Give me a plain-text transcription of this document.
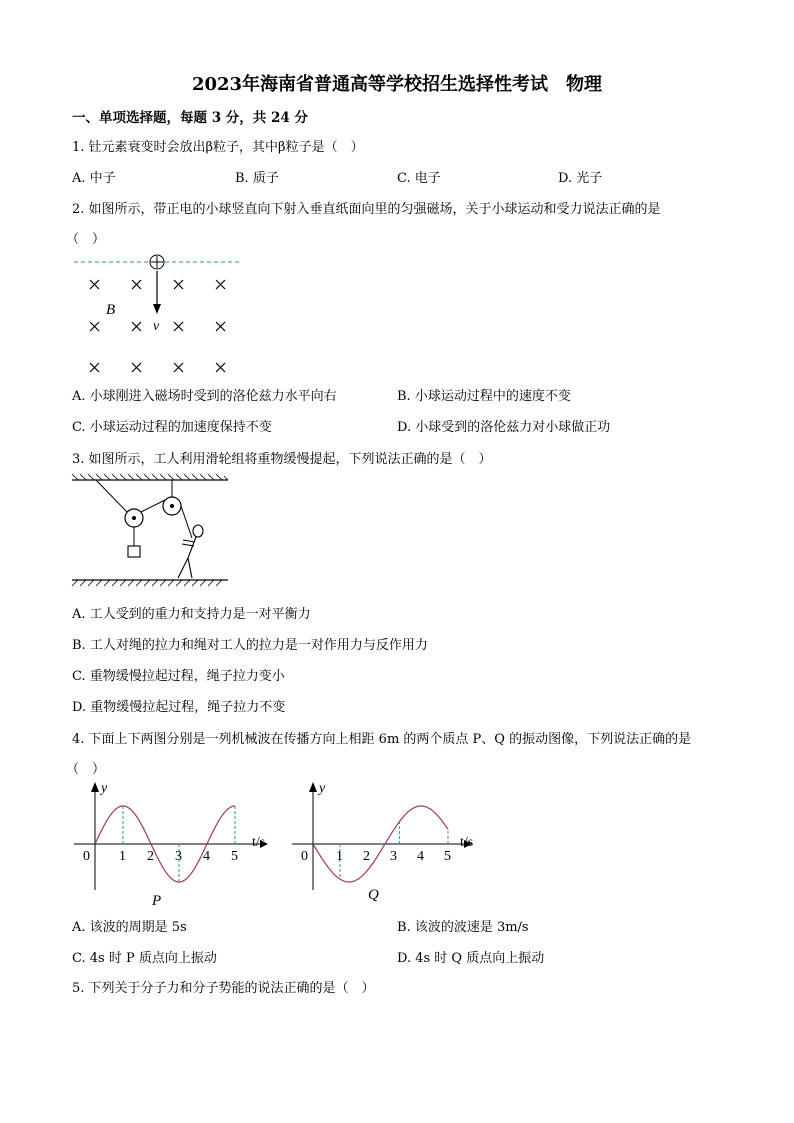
2023年海南省普通高等学校招生选择性考试　物理
一、单项选择题，每题 3 分，共 24 分
1. 钍元素衰变时会放出β粒子，其中β粒子是（　）
A. 中子	B. 质子	C. 电子	D. 光子
2. 如图所示，带正电的小球竖直向下射入垂直纸面向里的匀强磁场，关于小球运动和受力说法正确的是
（　）
B
v
A. 小球刚进入磁场时受到的洛伦兹力水平向右	B. 小球运动过程中的速度不变
C. 小球运动过程的加速度保持不变	D. 小球受到的洛伦兹力对小球做正功
3. 如图所示，工人利用滑轮组将重物缓慢提起，下列说法正确的是（　）
A. 工人受到的重力和支持力是一对平衡力
B. 工人对绳的拉力和绳对工人的拉力是一对作用力与反作用力
C. 重物缓慢拉起过程，绳子拉力变小
D. 重物缓慢拉起过程，绳子拉力不变
4. 下面上下两图分别是一列机械波在传播方向上相距 6m 的两个质点 P、Q 的振动图像，下列说法正确的是
（　）
y
t/s
0 1 2 3 4 5
P
y
t/s
0 1 2 3 4 5
Q
A. 该波的周期是 5s	B. 该波的波速是 3m/s
C. 4s 时 P 质点向上振动	D. 4s 时 Q 质点向上振动
5. 下列关于分子力和分子势能的说法正确的是（　）
